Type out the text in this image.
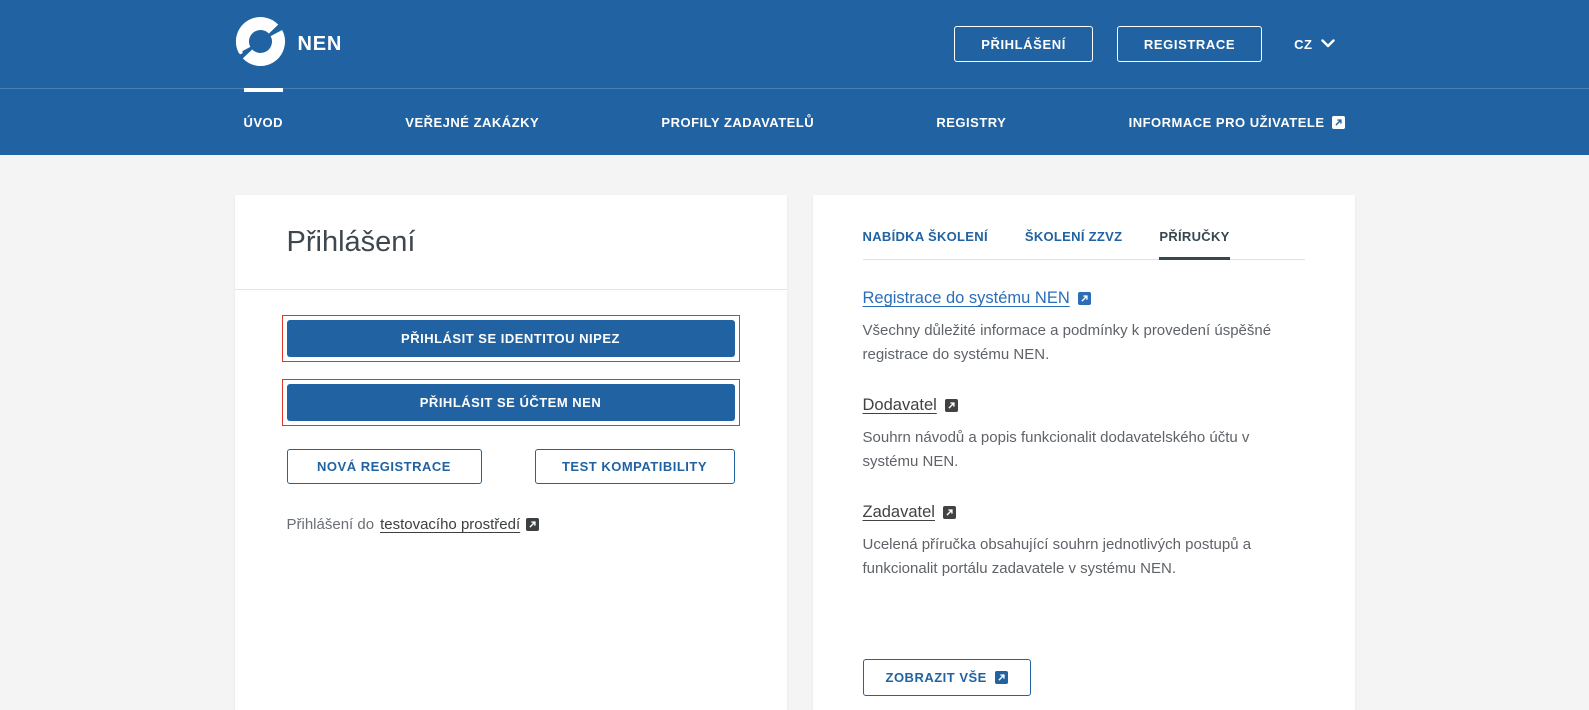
NEN	PŘIHLÁŠENÍ	REGISTRACE	CZ
ÚVOD	VEŘEJNÉ ZAKÁZKY	PROFILY ZADAVATELŮ	REGISTRY	INFORMACE PRO UŽIVATELE
Přihlášení
PŘIHLÁSIT SE IDENTITOU NIPEZ
PŘIHLÁSIT SE ÚČTEM NEN
NOVÁ REGISTRACE	TEST KOMPATIBILITY
Přihlášení do testovacího prostředí
NABÍDKA ŠKOLENÍ	ŠKOLENÍ ZZVZ	PŘÍRUČKY
Registrace do systému NEN

Všechny důležité informace a podmínky k provedení úspěšné registrace do systému NEN.

Dodavatel

Souhrn návodů a popis funkcionalit dodavatelského účtu v systému NEN.

Zadavatel

Ucelená příručka obsahující souhrn jednotlivých postupů a funkcionalit portálu zadavatele v systému NEN.

ZOBRAZIT VŠE
